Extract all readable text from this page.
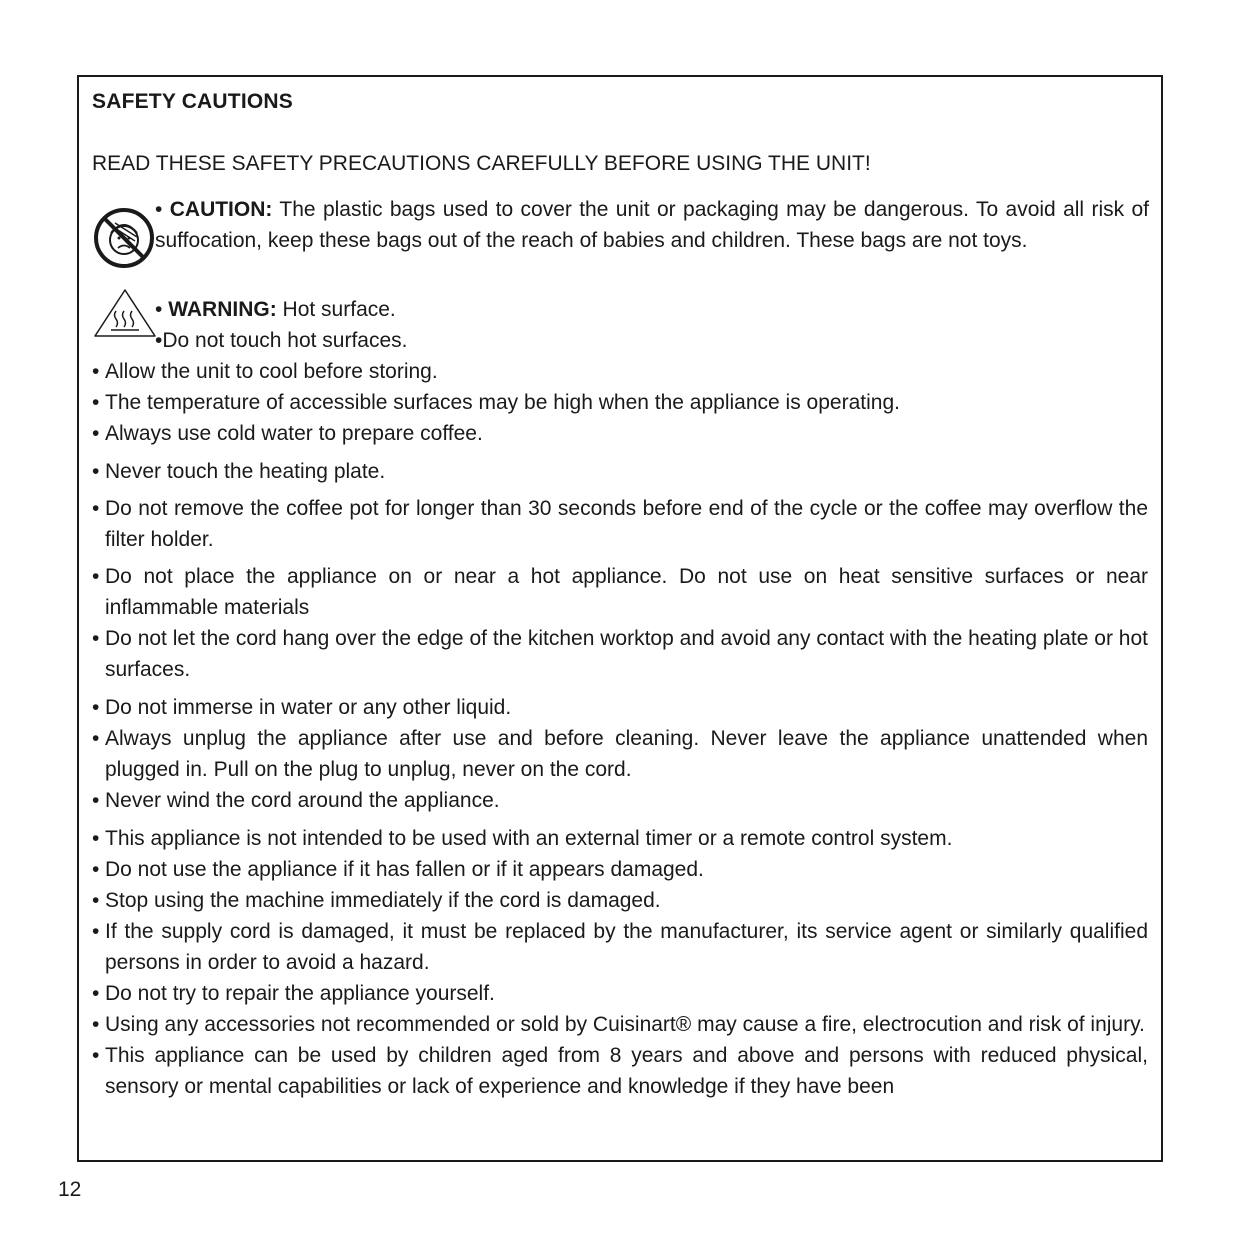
SAFETY CAUTIONS
READ THESE SAFETY PRECAUTIONS CAREFULLY BEFORE USING THE UNIT!
• CAUTION: The plastic bags used to cover the unit or packaging may be dangerous. To avoid all risk of suffocation, keep these bags out of the reach of babies and children. These bags are not toys.
• WARNING: Hot surface.
•Do not touch hot surfaces.
• Allow the unit to cool before storing.
• The temperature of accessible surfaces may be high when the appliance is operating.
• Always use cold water to prepare coffee.
• Never touch the heating plate.
• Do not remove the coffee pot for longer than 30 seconds before end of the cycle or the coffee may overflow the filter holder.
• Do not place the appliance on or near a hot appliance. Do not use on heat sensitive surfaces or near inflammable materials
• Do not let the cord hang over the edge of the kitchen worktop and avoid any contact with the heating plate or hot surfaces.
• Do not immerse in water or any other liquid.
• Always unplug the appliance after use and before cleaning. Never leave the appliance unattended when plugged in. Pull on the plug to unplug, never on the cord.
• Never wind the cord around the appliance.
• This appliance is not intended to be used with an external timer or a remote control system.
• Do not use the appliance if it has fallen or if it appears damaged.
• Stop using the machine immediately if the cord is damaged.
• If the supply cord is damaged, it must be replaced by the manufacturer, its service agent or similarly qualified persons in order to avoid a hazard.
• Do not try to repair the appliance yourself.
• Using any accessories not recommended or sold by Cuisinart® may cause a fire, electrocution and risk of injury.
• This appliance can be used by children aged from 8 years and above and persons with reduced physical, sensory or mental capabilities or lack of experience and knowledge if they have been
12
